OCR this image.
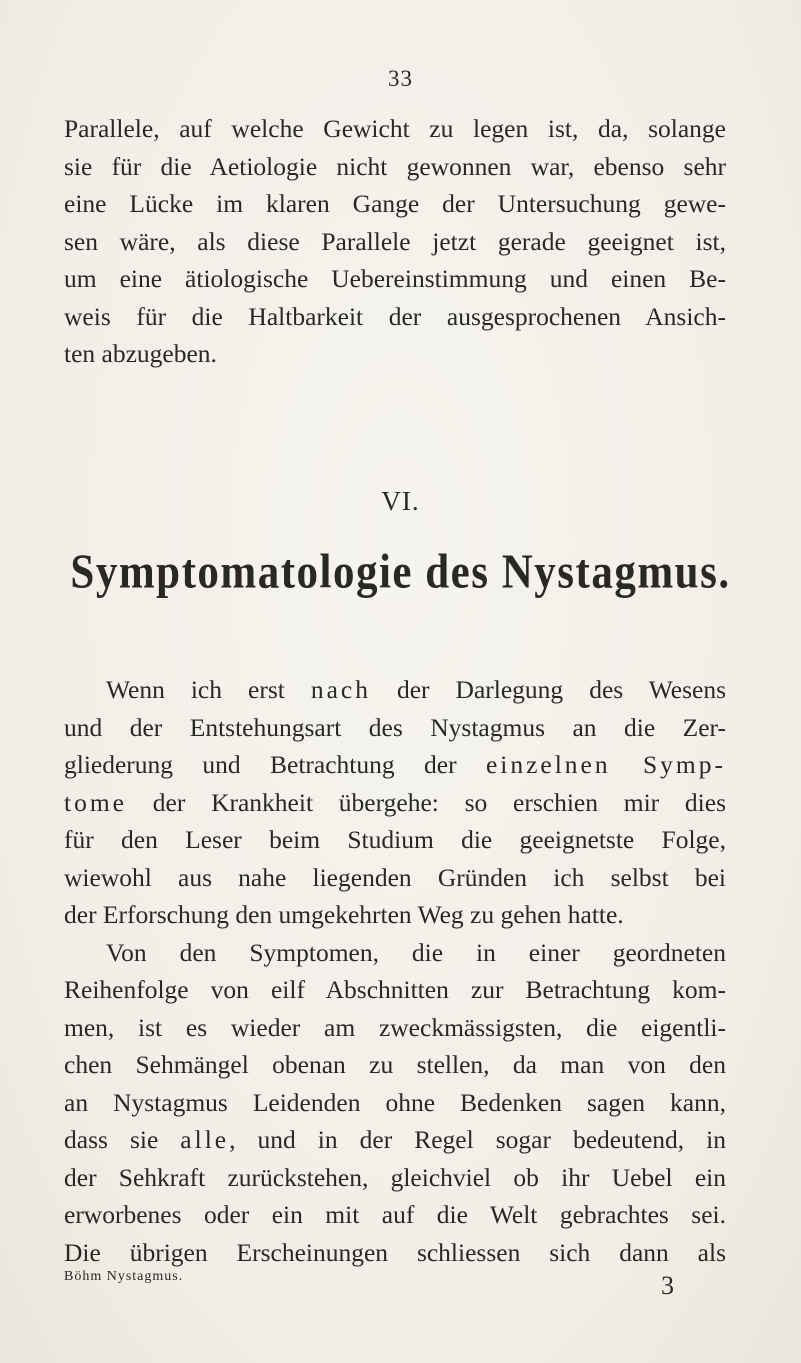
33
Parallele, auf welche Gewicht zu legen ist, da, solange
sie für die Aetiologie nicht gewonnen war, ebenso sehr
eine Lücke im klaren Gange der Untersuchung gewe-
sen wäre, als diese Parallele jetzt gerade geeignet ist,
um eine ätiologische Uebereinstimmung und einen Be-
weis für die Haltbarkeit der ausgesprochenen Ansich-
ten abzugeben.
VI.
Symptomatologie des Nystagmus.
Wenn ich erst nach der Darlegung des Wesens
und der Entstehungsart des Nystagmus an die Zer-
gliederung und Betrachtung der einzelnen Symp-
tome der Krankheit übergehe: so erschien mir dies
für den Leser beim Studium die geeignetste Folge,
wiewohl aus nahe liegenden Gründen ich selbst bei
der Erforschung den umgekehrten Weg zu gehen hatte.
Von den Symptomen, die in einer geordneten
Reihenfolge von eilf Abschnitten zur Betrachtung kom-
men, ist es wieder am zweckmässigsten, die eigentli-
chen Sehmängel obenan zu stellen, da man von den
an Nystagmus Leidenden ohne Bedenken sagen kann,
dass sie alle, und in der Regel sogar bedeutend, in
der Sehkraft zurückstehen, gleichviel ob ihr Uebel ein
erworbenes oder ein mit auf die Welt gebrachtes sei.
Die übrigen Erscheinungen schliessen sich dann als
Böhm Nystagmus.	3
